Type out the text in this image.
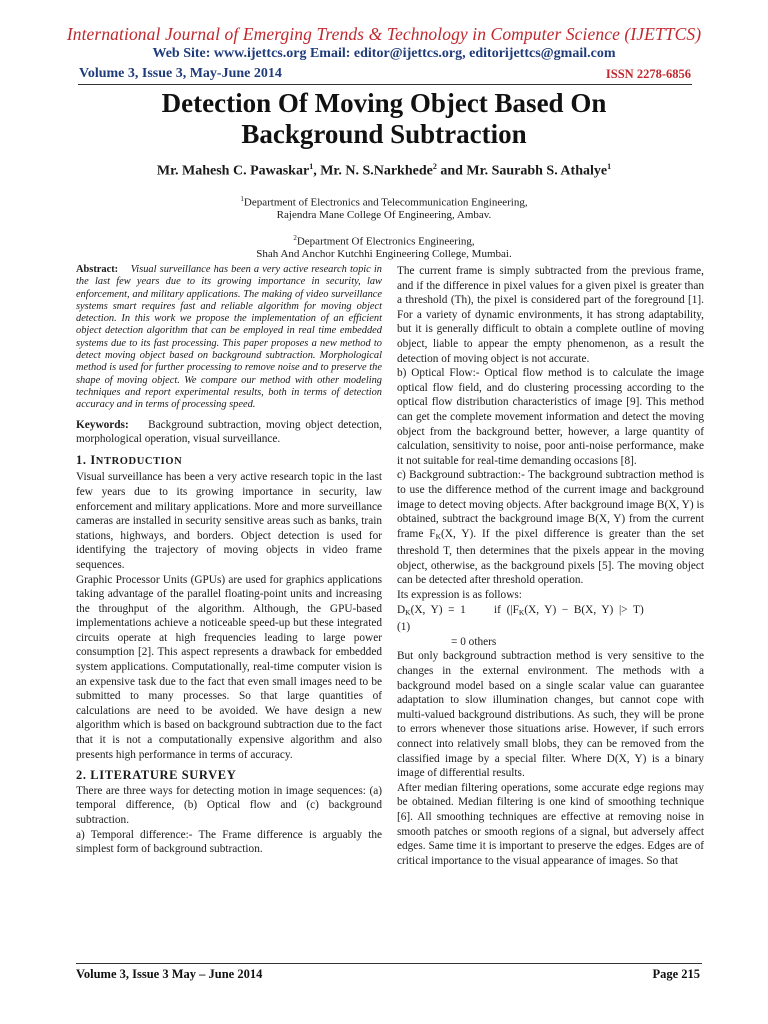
International Journal of Emerging Trends & Technology in Computer Science (IJETTCS)
Web Site: www.ijettcs.org Email: editor@ijettcs.org, editorijettcs@gmail.com
Volume 3, Issue 3, May-June 2014	ISSN 2278-6856
Detection Of Moving Object Based On
Background Subtraction
Mr. Mahesh C. Pawaskar$^1$, Mr. N. S.Narkhede$^2$ and Mr. Saurabh S. Athalye$^1$
$^1$Department of Electronics and Telecommunication Engineering,
Rajendra Mane College Of Engineering, Ambav.
$^2$Department Of Electronics Engineering,
Shah And Anchor Kutchhi Engineering College, Mumbai.

Abstract: Visual surveillance has been a very active research topic in the last few years due to its growing importance in security, law enforcement, and military applications. The making of video surveillance systems smart requires fast and reliable algorithm for moving object detection. In this work we propose the implementation of an efficient object detection algorithm that can be employed in real time embedded systems due to its fast processing. This paper proposes a new method to detect moving object based on background subtraction. Morphological method is used for further processing to remove noise and to preserve the shape of moving object. We compare our method with other modeling techniques and report experimental results, both in terms of detection accuracy and in terms of processing speed.

Keywords: Background subtraction, moving object detection, morphological operation, visual surveillance.

1. INTRODUCTION

Visual surveillance has been a very active research topic in the last few years due to its growing importance in security, law enforcement and military applications. More and more surveillance cameras are installed in security sensitive areas such as banks, train stations, highways, and borders. Object detection is used for identifying the trajectory of moving objects in video frame sequences.

Graphic Processor Units (GPUs) are used for graphics applications taking advantage of the parallel floating-point units and increasing the throughput of the algorithm. Although, the GPU-based implementations achieve a noticeable speed-up but these integrated circuits operate at high frequencies leading to large power consumption [2]. This aspect represents a drawback for embedded system applications. Computationally, real-time computer vision is an expensive task due to the fact that even small images need to be submitted to many processes. So that large quantities of calculations are need to be avoided. We have design a new algorithm which is based on background subtraction due to the fact that it is not a computationally expensive algorithm and also presents high performance in terms of accuracy.

2. LITERATURE SURVEY

There are three ways for detecting motion in image sequences: (a) temporal difference, (b) Optical flow and (c) background subtraction.

a) Temporal difference:- The Frame difference is arguably the simplest form of background subtraction.

The current frame is simply subtracted from the previous frame, and if the difference in pixel values for a given pixel is greater than a threshold (Th), the pixel is considered part of the foreground [1]. For a variety of dynamic environments, it has strong adaptability, but it is generally difficult to obtain a complete outline of moving object, liable to appear the empty phenomenon, as a result the detection of moving object is not accurate.

b) Optical Flow:- Optical flow method is to calculate the image optical flow field, and do clustering processing according to the optical flow distribution characteristics of image [9]. This method can get the complete movement information and detect the moving object from the background better, however, a large quantity of calculation, sensitivity to noise, poor anti-noise performance, make it not suitable for real-time demanding occasions [8].

c) Background subtraction:- The background subtraction method is to use the difference method of the current image and background image to detect moving objects. After background image B(X, Y) is obtained, subtract the background image B(X, Y) from the current frame $F_K(X$, Y). If the pixel difference is greater than the set threshold T, then determines that the pixels appear in the moving object, otherwise, as the background pixels [5]. The moving object can be detected after threshold operation.

Its expression is as follows:

$D_K(X$,  Y)  =  1          if  ($|F_K(X$,  Y)  −  B(X,  Y)  |>  T)

(1)

= 0 others

But only background subtraction method is very sensitive to the changes in the external environment. The methods with a background model based on a single scalar value can guarantee adaptation to slow illumination changes, but cannot cope with multi-valued background distributions. As such, they will be prone to errors whenever those situations arise. However, if such errors connect into relatively small blobs, they can be removed from the classified image by a special filter. Where D(X, Y) is a binary image of differential results.

After median filtering operations, some accurate edge regions may be obtained. Median filtering is one kind of smoothing technique [6]. All smoothing techniques are effective at removing noise in smooth patches or smooth regions of a signal, but adversely affect edges. Same time it is important to preserve the edges. Edges are of critical importance to the visual appearance of images. So that

Volume 3, Issue 3 May – June 2014	Page 215
